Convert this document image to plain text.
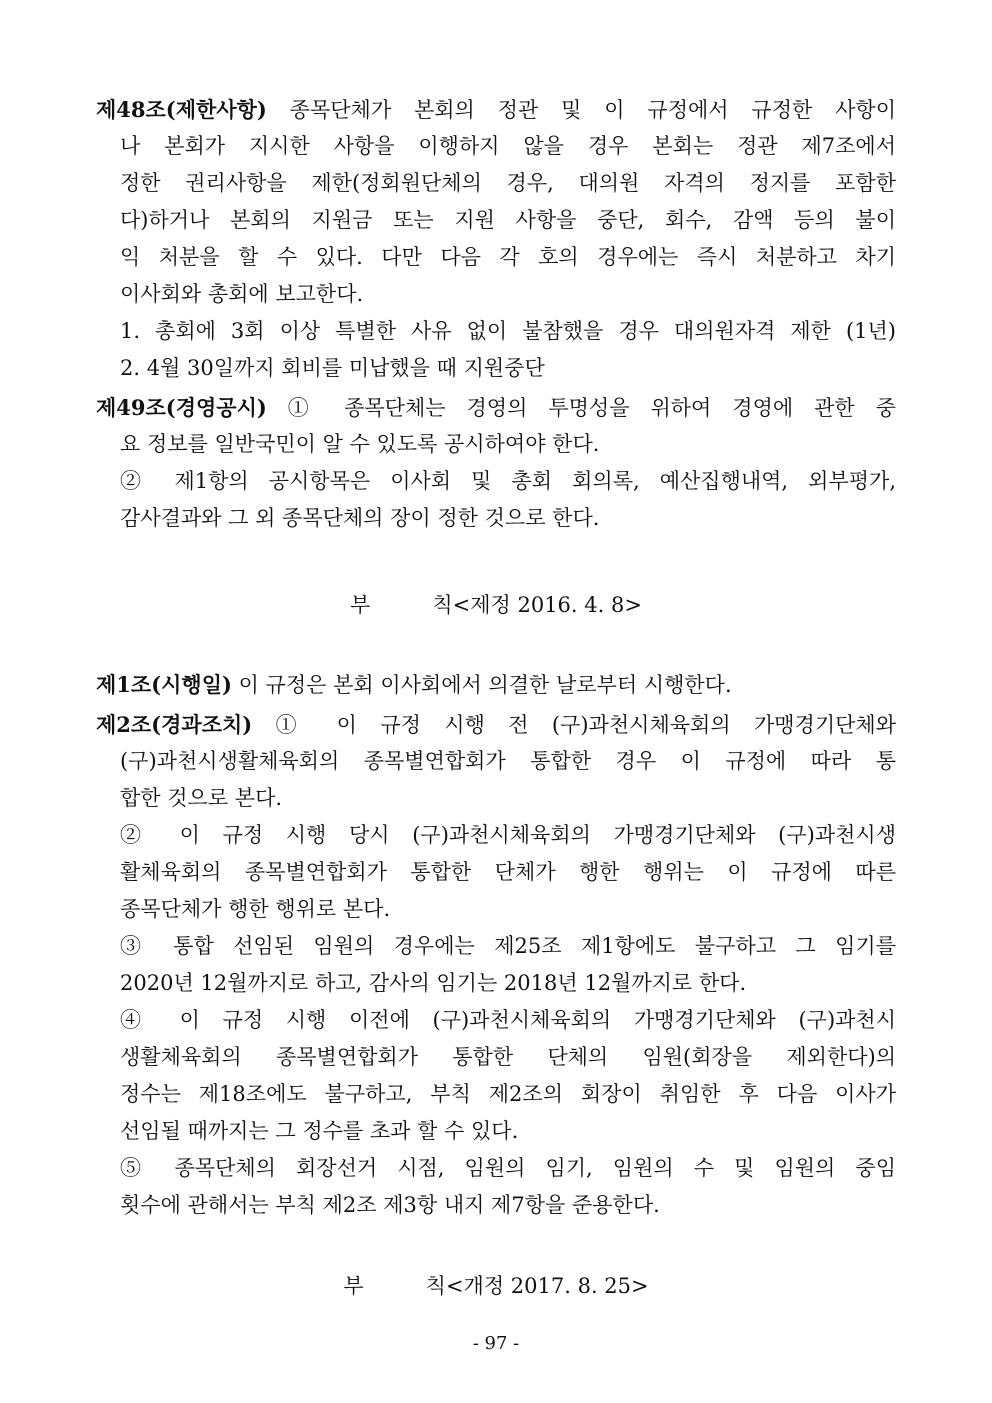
제48조(제한사항) 종목단체가 본회의 정관 및 이 규정에서 규정한 사항이
나 본회가 지시한 사항을 이행하지 않을 경우 본회는 정관 제7조에서
정한 권리사항을 제한(정회원단체의 경우, 대의원 자격의 정지를 포함한
다)하거나 본회의 지원금 또는 지원 사항을 중단, 회수, 감액 등의 불이
익 처분을 할 수 있다. 다만 다음 각 호의 경우에는 즉시 처분하고 차기
이사회와 총회에 보고한다.
1. 총회에 3회 이상 특별한 사유 없이 불참했을 경우 대의원자격 제한 (1년)
2. 4월 30일까지 회비를 미납했을 때 지원중단
제49조(경영공시) ① 종목단체는 경영의 투명성을 위하여 경영에 관한 중
요 정보를 일반국민이 알 수 있도록 공시하여야 한다.
② 제1항의 공시항목은 이사회 및 총회 회의록, 예산집행내역, 외부평가,
감사결과와 그 외 종목단체의 장이 정한 것으로 한다.
부	칙<제정 2016. 4. 8>
제1조(시행일) 이 규정은 본회 이사회에서 의결한 날로부터 시행한다.
제2조(경과조치) ① 이 규정 시행 전 (구)과천시체육회의 가맹경기단체와
(구)과천시생활체육회의 종목별연합회가 통합한 경우 이 규정에 따라 통
합한 것으로 본다.
② 이 규정 시행 당시 (구)과천시체육회의 가맹경기단체와 (구)과천시생
활체육회의 종목별연합회가 통합한 단체가 행한 행위는 이 규정에 따른
종목단체가 행한 행위로 본다.
③ 통합 선임된 임원의 경우에는 제25조 제1항에도 불구하고 그 임기를
2020년 12월까지로 하고, 감사의 임기는 2018년 12월까지로 한다.
④ 이 규정 시행 이전에 (구)과천시체육회의 가맹경기단체와 (구)과천시
생활체육회의 종목별연합회가 통합한 단체의 임원(회장을 제외한다)의
정수는 제18조에도 불구하고, 부칙 제2조의 회장이 취임한 후 다음 이사가
선임될 때까지는 그 정수를 초과 할 수 있다.
⑤ 종목단체의 회장선거 시점, 임원의 임기, 임원의 수 및 임원의 중임
횟수에 관해서는 부칙 제2조 제3항 내지 제7항을 준용한다.
부	칙<개정 2017. 8. 25>
- 97 -
